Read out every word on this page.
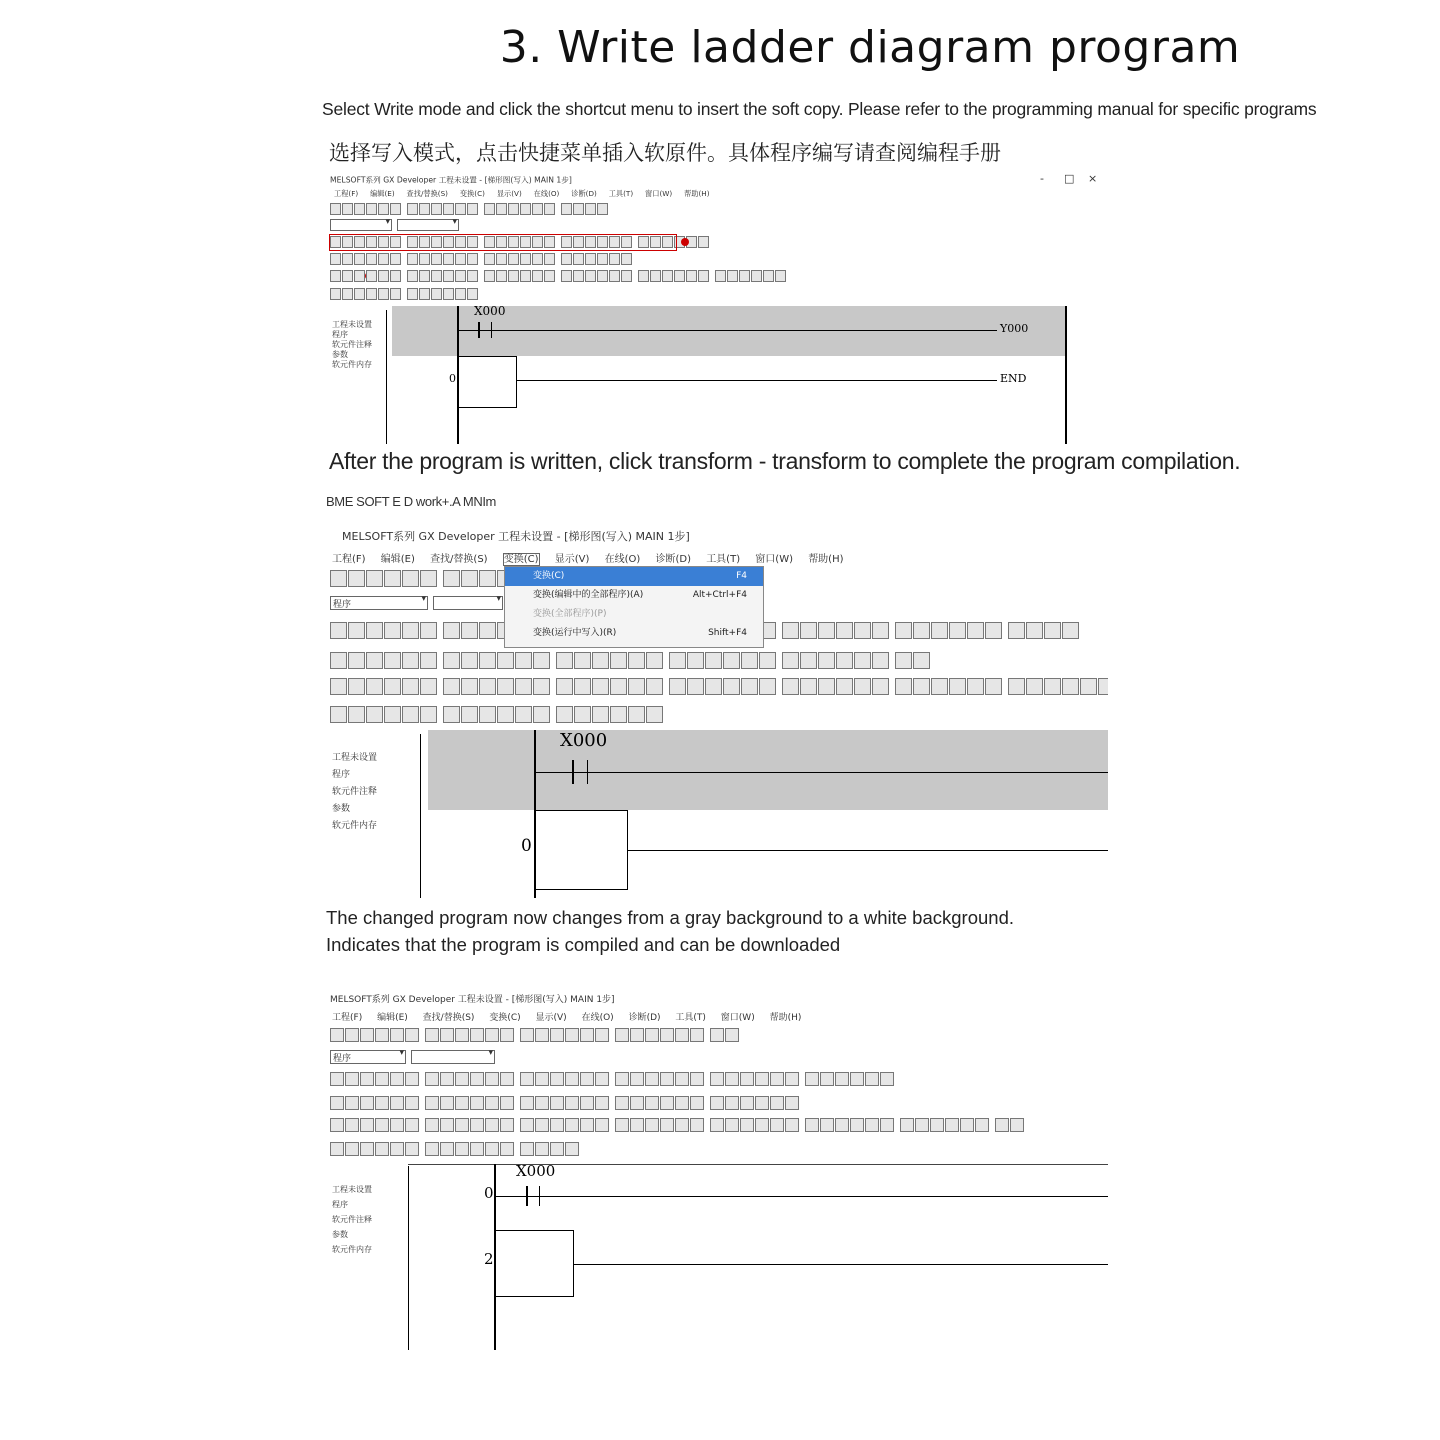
3. Write ladder diagram program
Select Write mode and click the shortcut menu to insert the soft copy. Please refer to the programming manual for specific programs
选择写入模式，点击快捷菜单插入软原件。具体程序编写请查阅编程手册
MELSOFT系列 GX Developer 工程未设置 - [梯形图(写入) MAIN 1步]	- □ ×
工程(F) 编辑(E) 查找/替换(S) 变换(C) 显示(V) 在线(O) 诊断(D) 工具(T) 窗口(W) 帮助(H)
▾
▾
工程未设置
程序
软元件注释
参数
软元件内存
X000
Y000
0	END
After the program is written, click transform - transform to complete the program compilation.
BME SOFT E D work+.A MNIm
MELSOFT系列 GX Developer 工程未设置 - [梯形图(写入) MAIN 1步]
工程(F) 编辑(E) 查找/替换(S) 变换(C) 显示(V) 在线(O) 诊断(D) 工具(T) 窗口(W) 帮助(H)
程序 ▾
▾
变换(C)	F4
变换(编辑中的全部程序)(A)	Alt+Ctrl+F4
变换(全部程序)(P)
变换(运行中写入)(R)	Shift+F4
工程未设置
程序
软元件注释
参数
软元件内存
X000
0
The changed program now changes from a gray background to a white background. Indicates that the program is compiled and can be downloaded
MELSOFT系列 GX Developer 工程未设置 - [梯形图(写入) MAIN 1步]
工程(F) 编辑(E) 查找/替换(S) 变换(C) 显示(V) 在线(O) 诊断(D) 工具(T) 窗口(W) 帮助(H)
程序 ▾
▾
工程未设置
程序
软元件注释
参数
软元件内存
X000
0
2
